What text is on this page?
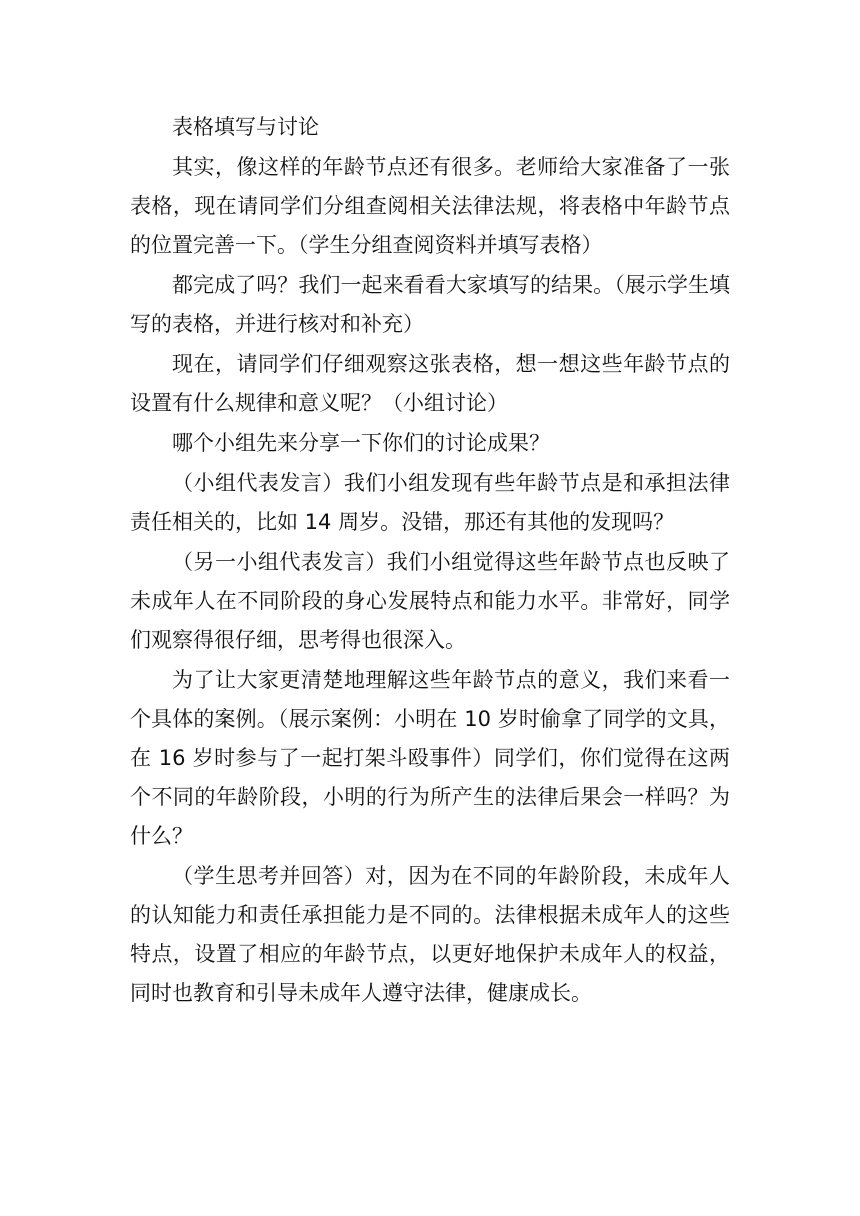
表格填写与讨论

其实，像这样的年龄节点还有很多。老师给大家准备了一张表格，现在请同学们分组查阅相关法律法规，将表格中年龄节点的位置完善一下。（学生分组查阅资料并填写表格）

都完成了吗？我们一起来看看大家填写的结果。（展示学生填写的表格，并进行核对和补充）

现在，请同学们仔细观察这张表格，想一想这些年龄节点的设置有什么规律和意义呢？（小组讨论）

哪个小组先来分享一下你们的讨论成果？

（小组代表发言）我们小组发现有些年龄节点是和承担法律责任相关的，比如 14 周岁。没错，那还有其他的发现吗？

（另一小组代表发言）我们小组觉得这些年龄节点也反映了未成年人在不同阶段的身心发展特点和能力水平。非常好，同学们观察得很仔细，思考得也很深入。

为了让大家更清楚地理解这些年龄节点的意义，我们来看一个具体的案例。（展示案例：小明在 10 岁时偷拿了同学的文具，在 16 岁时参与了一起打架斗殴事件）同学们，你们觉得在这两个不同的年龄阶段，小明的行为所产生的法律后果会一样吗？为什么？

（学生思考并回答）对，因为在不同的年龄阶段，未成年人的认知能力和责任承担能力是不同的。法律根据未成年人的这些特点，设置了相应的年龄节点，以更好地保护未成年人的权益，同时也教育和引导未成年人遵守法律，健康成长。
